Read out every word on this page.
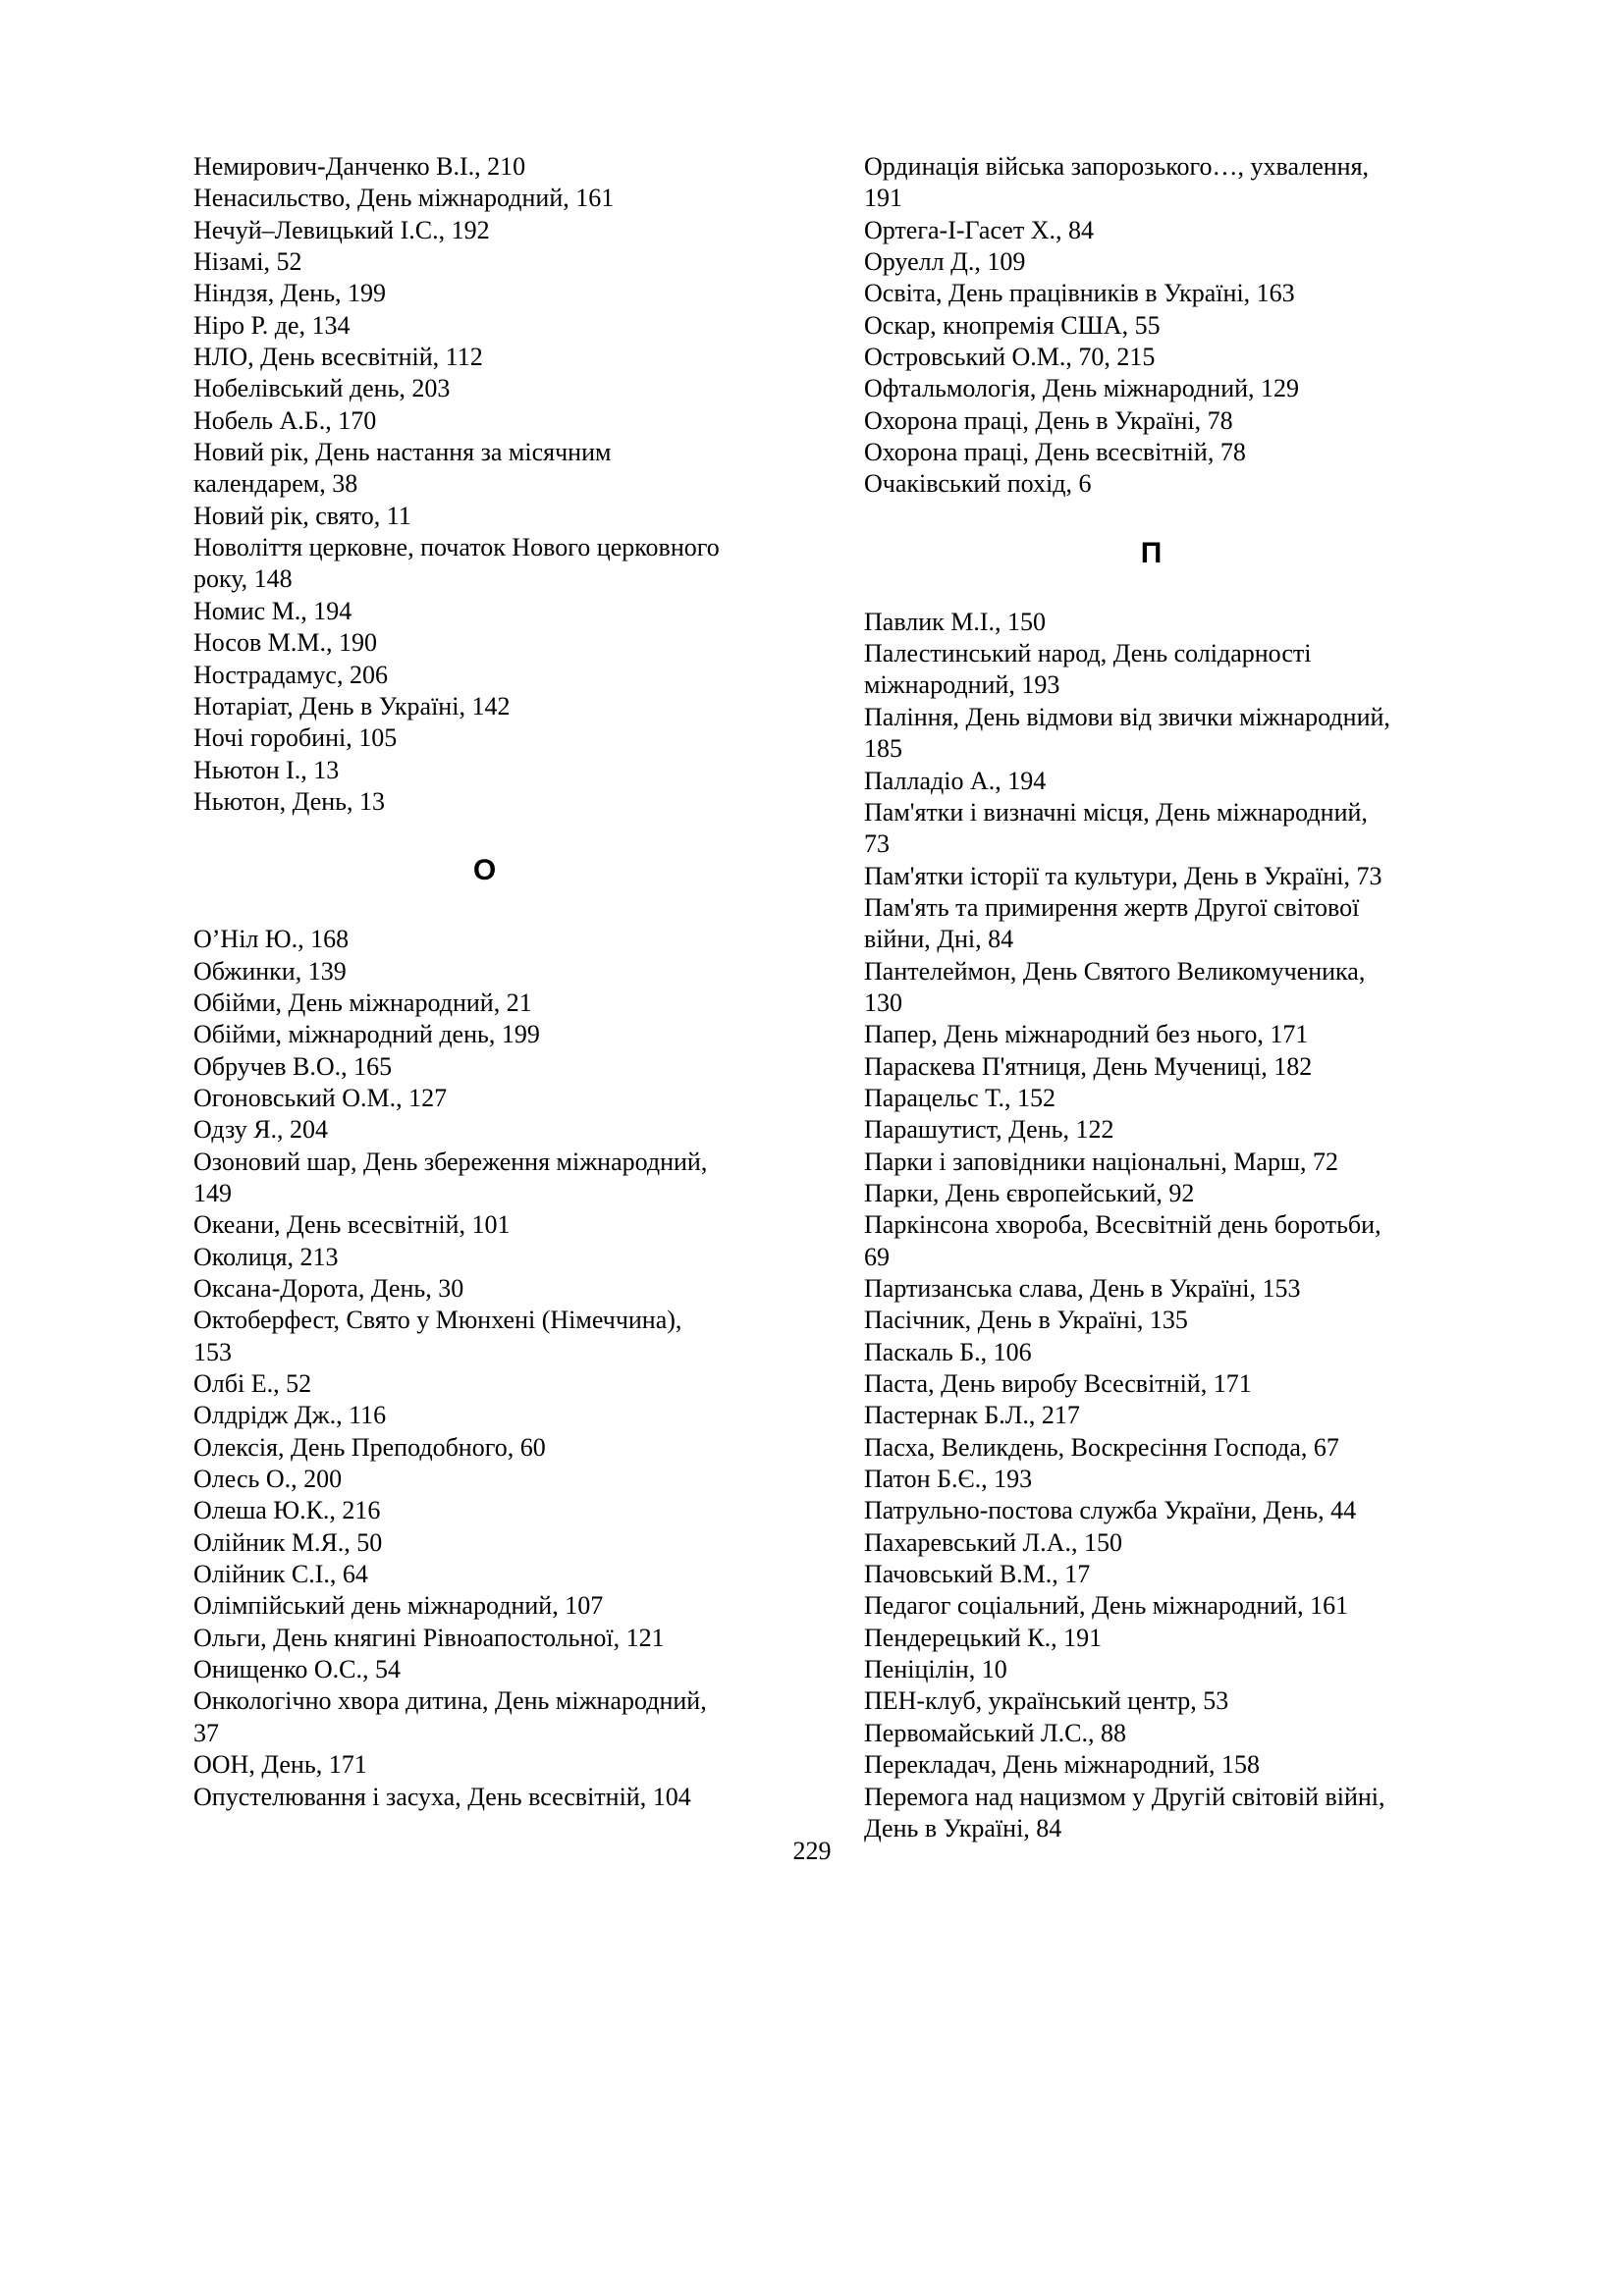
Немирович-Данченко В.І., 210
Ненасильство, День міжнародний, 161
Нечуй–Левицький І.С., 192
Нізамі, 52
Ніндзя, День, 199
Ніро Р. де, 134
НЛО, День всесвітній, 112
Нобелівський день, 203
Нобель А.Б., 170
Новий рік, День настання за місячним
календарем, 38
Новий рік, свято, 11
Новоліття церковне, початок Нового церковного
року, 148
Номис М., 194
Носов М.М., 190
Нострадамус, 206
Нотаріат, День в Україні, 142
Ночі горобині, 105
Ньютон І., 13
Ньютон, День, 13
О
О’Ніл Ю., 168
Обжинки, 139
Обійми, День міжнародний, 21
Обійми, міжнародний день, 199
Обручев В.О., 165
Огоновський О.М., 127
Одзу Я., 204
Озоновий шар, День збереження міжнародний,
149
Океани, День всесвітній, 101
Околиця, 213
Оксана-Дорота, День, 30
Октоберфест, Свято у Мюнхені (Німеччина),
153
Олбі Е., 52
Олдрідж Дж., 116
Олексія, День Преподобного, 60
Олесь О., 200
Олеша Ю.К., 216
Олійник М.Я., 50
Олійник С.І., 64
Олімпійський день міжнародний, 107
Ольги, День княгині Рівноапостольної, 121
Онищенко О.С., 54
Онкологічно хвора дитина, День міжнародний,
37
ООН, День, 171
Опустелювання і засуха, День всесвітній, 104
Ординація війська запорозького…, ухвалення,
191
Ортега-І-Гасет Х., 84
Оруелл Д., 109
Освіта, День працівників в Україні, 163
Оскар, кнопремія США, 55
Островський О.М., 70, 215
Офтальмологія, День міжнародний, 129
Охорона праці, День в Україні, 78
Охорона праці, День всесвітній, 78
Очаківський похід, 6
П
Павлик М.І., 150
Палестинський народ, День солідарності
міжнародний, 193
Паління, День відмови від звички міжнародний,
185
Палладіо А., 194
Пам'ятки і визначні місця, День міжнародний,
73
Пам'ятки історії та культури, День в Україні, 73
Пам'ять та примирення жертв Другої світової
війни, Дні, 84
Пантелеймон, День Святого Великомученика,
130
Папер, День міжнародний без нього, 171
Параскева П'ятниця, День Мучениці, 182
Парацельс Т., 152
Парашутист, День, 122
Парки і заповідники національні, Марш, 72
Парки, День європейський, 92
Паркінсона хвороба, Всесвітній день боротьби,
69
Партизанська слава, День в Україні, 153
Пасічник, День в Україні, 135
Паскаль Б., 106
Паста, День виробу Всесвітній, 171
Пастернак Б.Л., 217
Пасха, Великдень, Воскресіння Господа, 67
Патон Б.Є., 193
Патрульно-постова служба України, День, 44
Пахаревський Л.А., 150
Пачовський В.М., 17
Педагог соціальний, День міжнародний, 161
Пендерецький К., 191
Пеніцілін, 10
ПЕН-клуб, український центр, 53
Первомайський Л.С., 88
Перекладач, День міжнародний, 158
Перемога над нацизмом у Другій світовій війні,
День в Україні, 84
229
